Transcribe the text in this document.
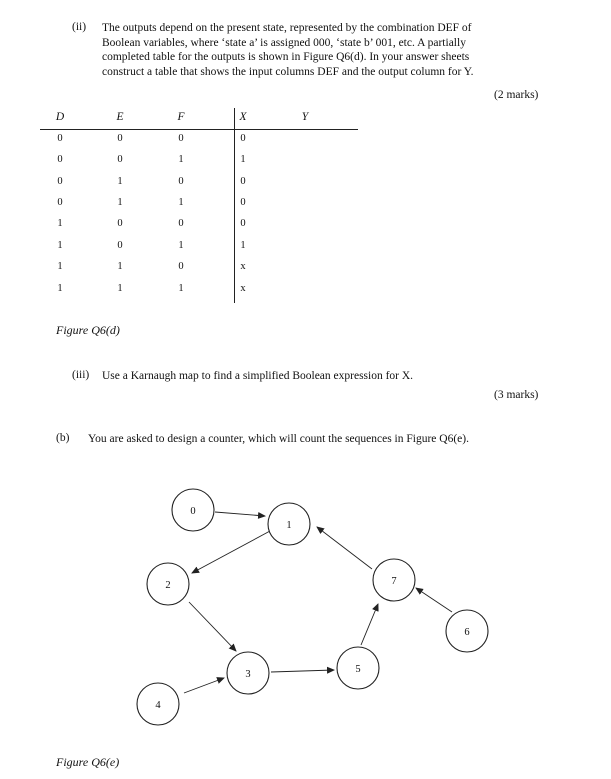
(ii) The outputs depend on the present state, represented by the combination DEF of
Boolean variables, where ‘state a’ is assigned 000, ‘state b’ 001, etc. A partially
completed table for the outputs is shown in Figure Q6(d). In your answer sheets
construct a table that shows the input columns DEF and the output column for Y.
(2 marks)
D	E	F	X	Y
0	0	0	0
0	0	1	1
0	1	0	0
0	1	1	0
1	0	0	0
1	0	1	1
1	1	0	x
1	1	1	x
Figure Q6(d)
(iii) Use a Karnaugh map to find a simplified Boolean expression for X.
(3 marks)
(b) You are asked to design a counter, which will count the sequences in Figure Q6(e).
0
1
2
3
4
5
6
7
Figure Q6(e)
